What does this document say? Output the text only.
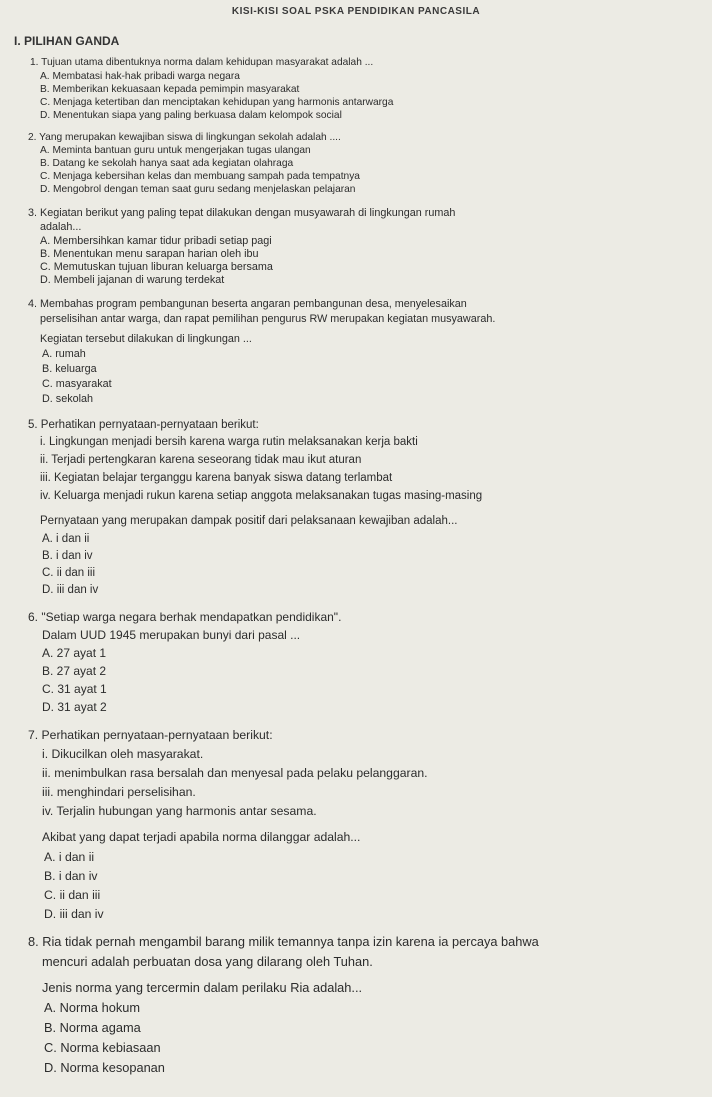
KISI-KISI SOAL PSKA PENDIDIKAN PANCASILA
I. PILIHAN GANDA
1. Tujuan utama dibentuknya norma dalam kehidupan masyarakat adalah ...
A. Membatasi hak-hak pribadi warga negara
B. Memberikan kekuasaan kepada pemimpin masyarakat
C. Menjaga ketertiban dan menciptakan kehidupan yang harmonis antarwarga
D. Menentukan siapa yang paling berkuasa dalam kelompok social
2. Yang merupakan kewajiban siswa di lingkungan sekolah adalah ....
A. Meminta bantuan guru untuk mengerjakan tugas ulangan
B. Datang ke sekolah hanya saat ada kegiatan olahraga
C. Menjaga kebersihan kelas dan membuang sampah pada tempatnya
D. Mengobrol dengan teman saat guru sedang menjelaskan pelajaran
3. Kegiatan berikut yang paling tepat dilakukan dengan musyawarah di lingkungan rumah
adalah...
A. Membersihkan kamar tidur pribadi setiap pagi
B. Menentukan menu sarapan harian oleh ibu
C. Memutuskan tujuan liburan keluarga bersama
D. Membeli jajanan di warung terdekat
4. Membahas program pembangunan beserta angaran pembangunan desa, menyelesaikan
perselisihan antar warga, dan rapat pemilihan pengurus RW merupakan kegiatan musyawarah.
Kegiatan tersebut dilakukan di lingkungan ...
A. rumah
B. keluarga
C. masyarakat
D. sekolah
5. Perhatikan pernyataan-pernyataan berikut:
i. Lingkungan menjadi bersih karena warga rutin melaksanakan kerja bakti
ii. Terjadi pertengkaran karena seseorang tidak mau ikut aturan
iii. Kegiatan belajar terganggu karena banyak siswa datang terlambat
iv. Keluarga menjadi rukun karena setiap anggota melaksanakan tugas masing-masing
Pernyataan yang merupakan dampak positif dari pelaksanaan kewajiban adalah...
A. i dan ii
B. i dan iv
C. ii dan iii
D. iii dan iv
6. "Setiap warga negara berhak mendapatkan pendidikan".
Dalam UUD 1945 merupakan bunyi dari pasal ...
A. 27 ayat 1
B. 27 ayat 2
C. 31 ayat 1
D. 31 ayat 2
7. Perhatikan pernyataan-pernyataan berikut:
i. Dikucilkan oleh masyarakat.
ii. menimbulkan rasa bersalah dan menyesal pada pelaku pelanggaran.
iii. menghindari perselisihan.
iv. Terjalin hubungan yang harmonis antar sesama.
Akibat yang dapat terjadi apabila norma dilanggar adalah...
A. i dan ii
B. i dan iv
C. ii dan iii
D. iii dan iv
8. Ria tidak pernah mengambil barang milik temannya tanpa izin karena ia percaya bahwa
mencuri adalah perbuatan dosa yang dilarang oleh Tuhan.
Jenis norma yang tercermin dalam perilaku Ria adalah...
A. Norma hokum
B. Norma agama
C. Norma kebiasaan
D. Norma kesopanan
